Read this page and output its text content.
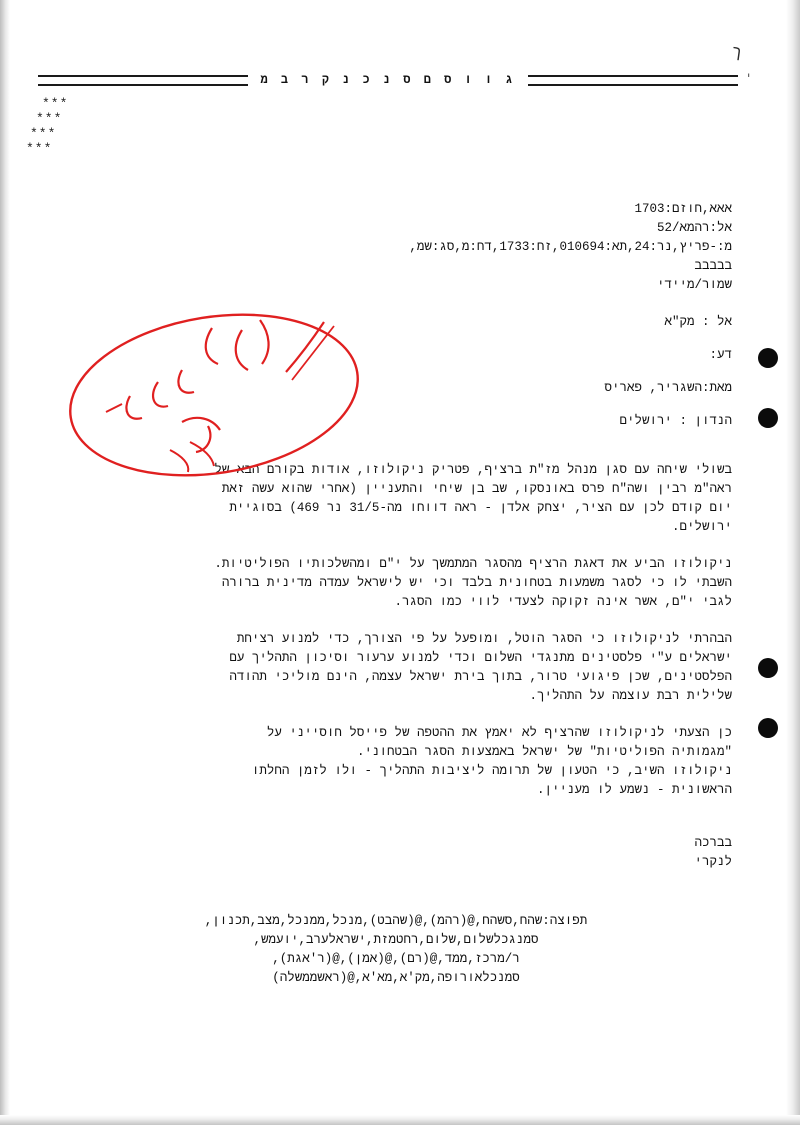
ך
י
ג ו ו ס ם ס נ כ נ ק ר ב מ
***
***
***
***
אאא,חוזם:1703
אל:רהמא/52
מ:-פריץ,נר:24,תא:010694,זח:1733,דח:מ,סג:שמ,
בבבבב
שמור/מיידי
אל : מק"א
דע:
מאת:השגריר, פאריס
הנדון : ירושלים
בשולי שיחה עם סגן מנהל מז"ת ברציף, פטריק ניקולוזו, אודות בקורם הבא של
ראה"מ רבין ושה"ח פרס באונסקו, שב בן שיחי והתעניין (אחרי שהוא עשה זאת
יום קודם לכן עם הציר, יצחק אלדן - ראה דווחו מה-31/5 נר 469) בסוגיית
ירושלים.
ניקולוזו הביע את דאגת הרציף מהסגר המתמשך על י"ם ומהשלכותיו הפוליטיות.
השבתי לו כי לסגר משמעות בטחונית בלבד וכי יש לישראל עמדה מדינית ברורה
לגבי י"ם, אשר אינה זקוקה לצעדי לווי כמו הסגר.
הבהרתי לניקולוזו כי הסגר הוטל, ומופעל על פי הצורך, כדי למנוע רציחת
ישראלים ע"י פלסטינים מתנגדי השלום וכדי למנוע ערעור וסיכון התהליך עם
הפלסטינים, שכן פיגועי טרור, בתוך בירת ישראל עצמה, הינם מוליכי תהודה
שלילית רבת עוצמה על התהליך.
כן הצעתי לניקולוזו שהרציף לא יאמץ את ההטפה של פייסל חוסייני על
"מגמותיה הפוליטיות" של ישראל באמצעות הסגר הבטחוני.
ניקולוזו השיב, כי הטעון של תרומה ליציבות התהליך - ולו לזמן החלתו
הראשונית - נשמע לו מעניין.
בברכה
לנקרי
תפוצה:שהח,סשהח,@(רהמ),@(שהבט),מנכל,ממנכל,מצב,תכנון,
סמנגכלשלום,שלום,רחטמזת,ישראלערב,יועמש,
ר/מרכז,ממד,@(רם),@(אמן),@(ר'אגת),
סמנכלאורופה,מק'א,מא'א,@(ראשממשלה)
